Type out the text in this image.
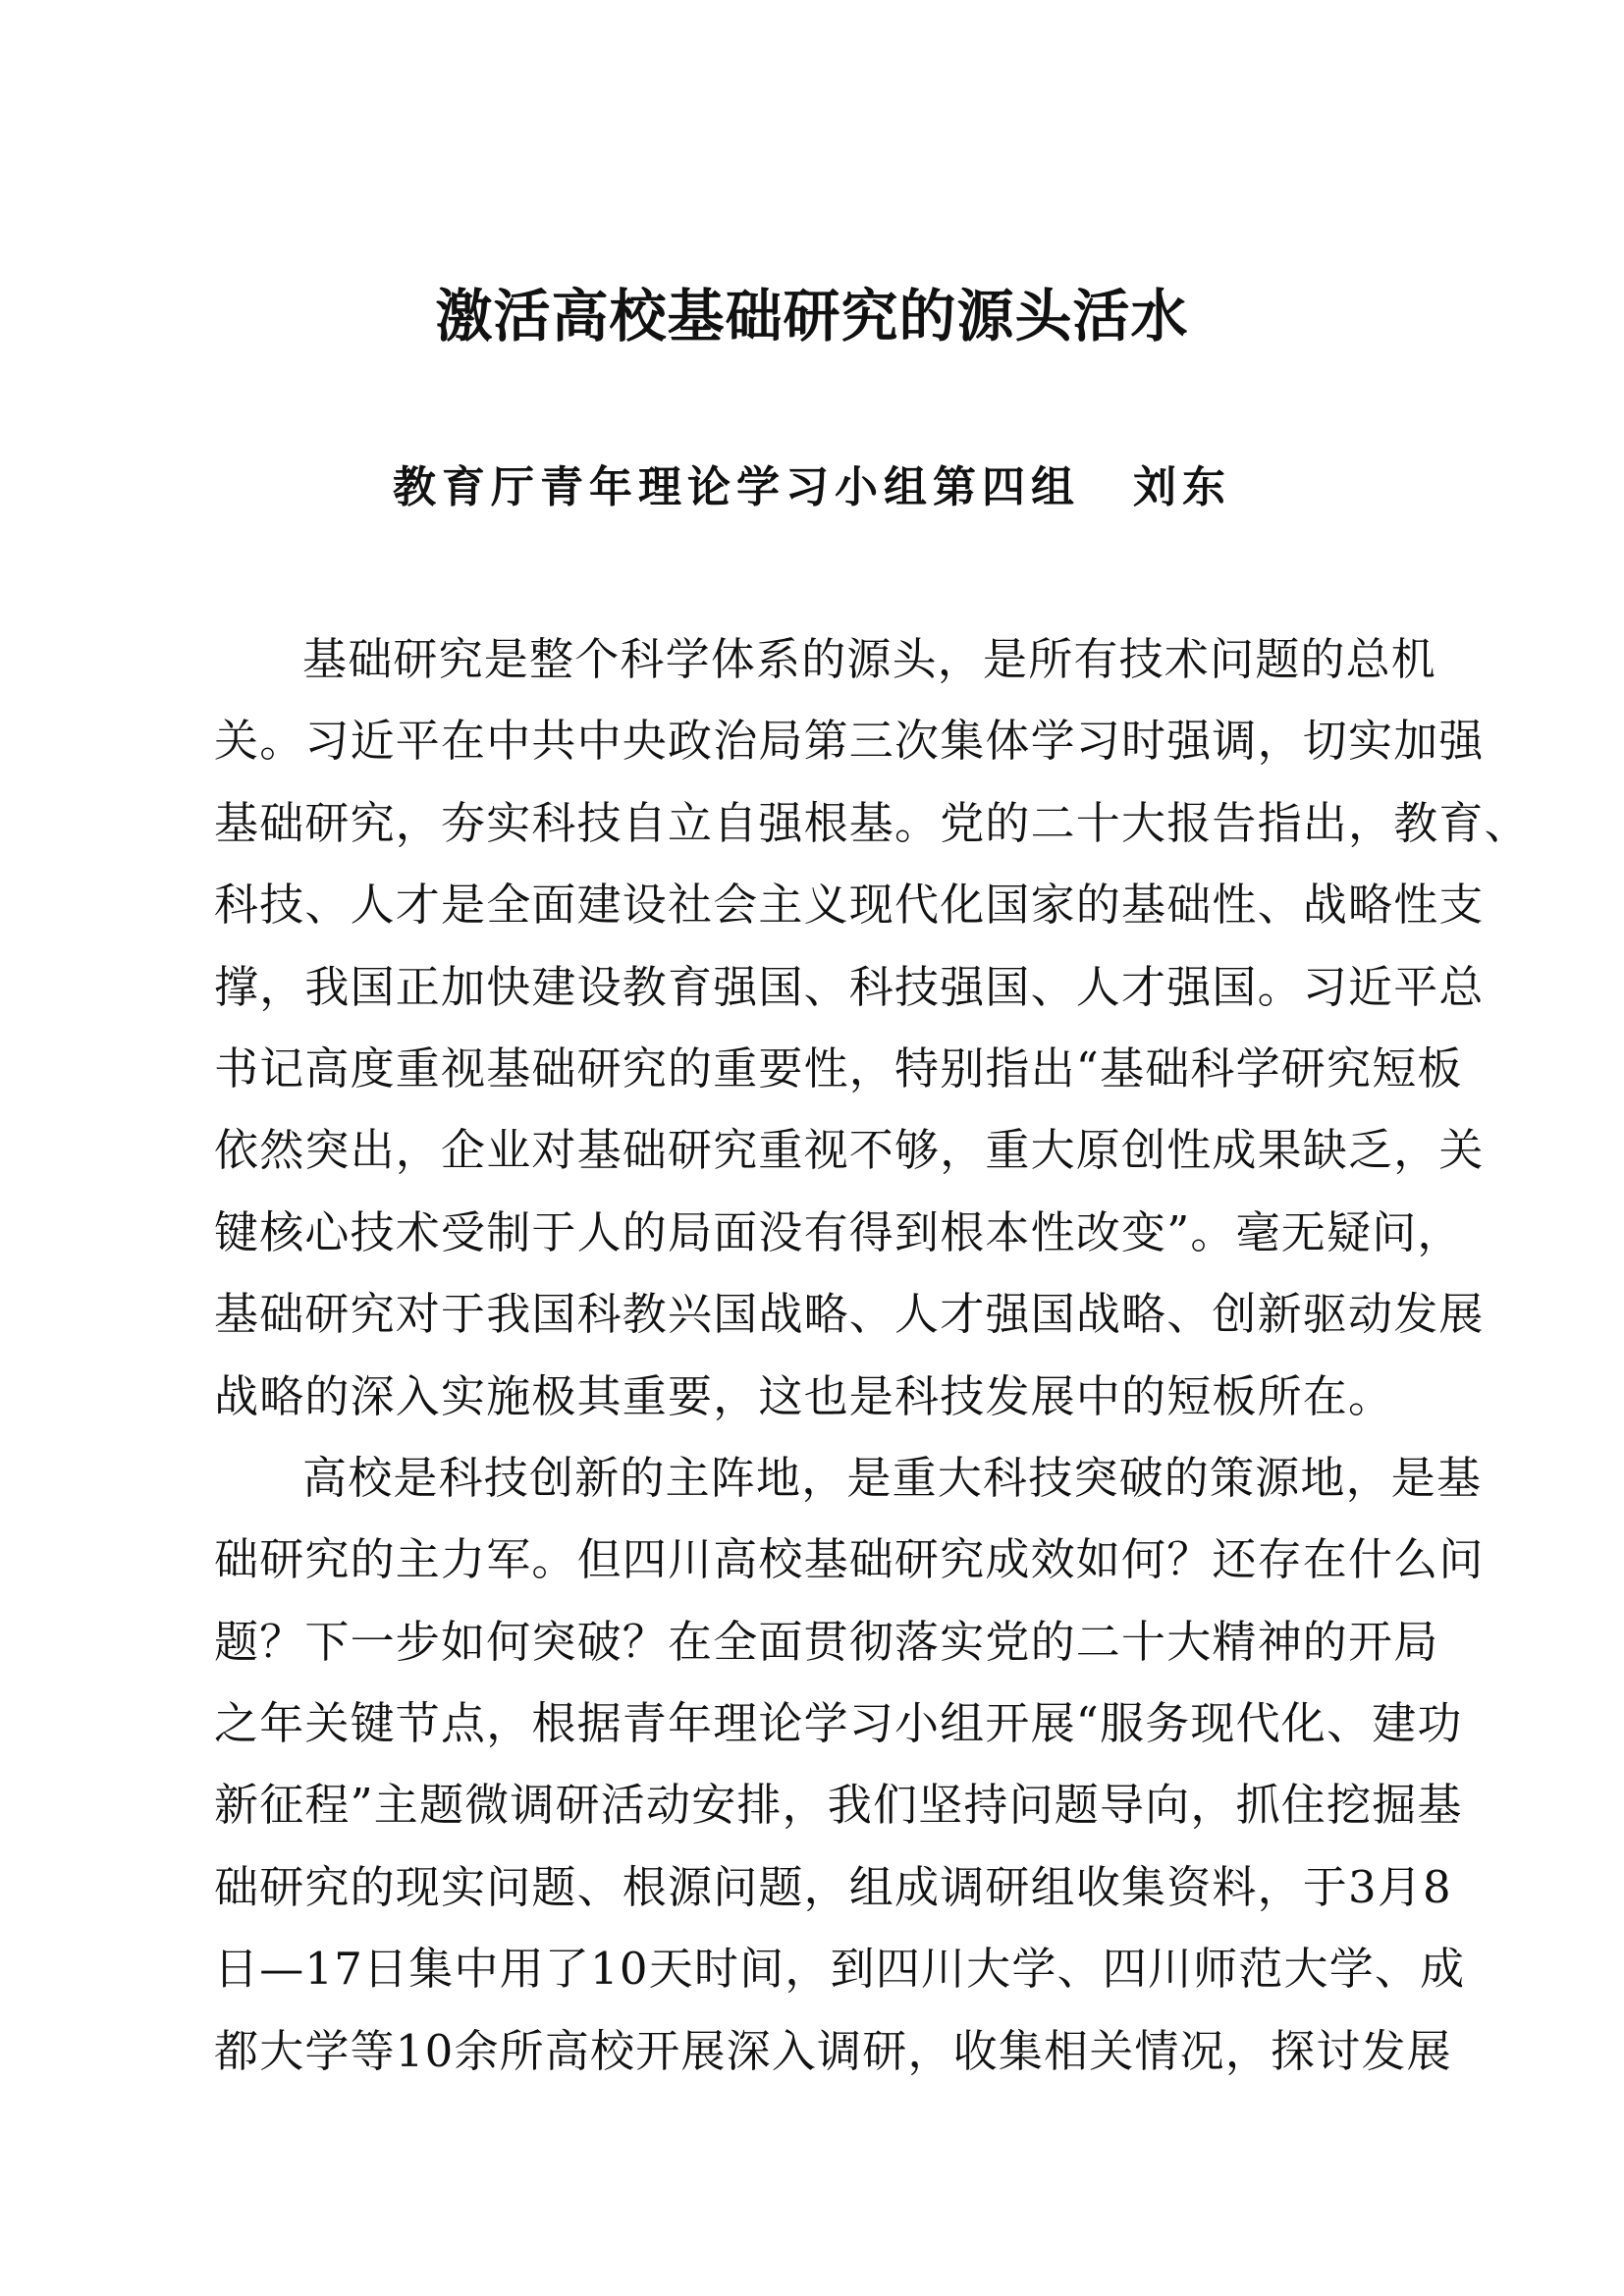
激活高校基础研究的源头活水

教育厅青年理论学习小组第四组 刘东

基础研究是整个科学体系的源头，是所有技术问题的总机
关。习近平在中共中央政治局第三次集体学习时强调，切实加强
基础研究，夯实科技自立自强根基。党的二十大报告指出，教育、
科技、人才是全面建设社会主义现代化国家的基础性、战略性支
撑，我国正加快建设教育强国、科技强国、人才强国。习近平总
书记高度重视基础研究的重要性，特别指出“基础科学研究短板
依然突出，企业对基础研究重视不够，重大原创性成果缺乏，关
键核心技术受制于人的局面没有得到根本性改变”。毫无疑问，
基础研究对于我国科教兴国战略、人才强国战略、创新驱动发展
战略的深入实施极其重要，这也是科技发展中的短板所在。
高校是科技创新的主阵地，是重大科技突破的策源地，是基
础研究的主力军。但四川高校基础研究成效如何？还存在什么问
题？下一步如何突破？在全面贯彻落实党的二十大精神的开局
之年关键节点，根据青年理论学习小组开展“服务现代化、建功
新征程”主题微调研活动安排，我们坚持问题导向，抓住挖掘基
础研究的现实问题、根源问题，组成调研组收集资料，于3月8
日—17日集中用了10天时间，到四川大学、四川师范大学、成
都大学等10余所高校开展深入调研，收集相关情况，探讨发展
